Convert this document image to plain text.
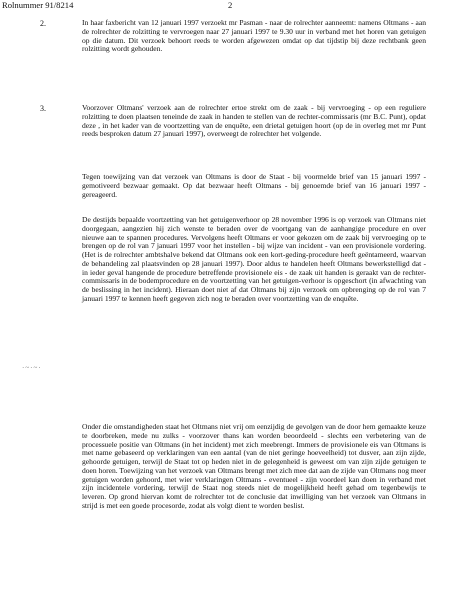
Rolnummer 91/8214	2
2.	In haar faxbericht van 12 januari 1997 verzoekt mr Pasman - naar de rolrechter aanneemt: namens Oltmans - aan de rolrechter de rolzitting te vervroegen naar 27 januari 1997 te 9.30 uur in verband met het horen van getuigen op die datum. Dit verzoek behoort reeds te worden afgewezen omdat op dat tijdstip bij deze rechtbank geen rolzitting wordt gehouden.

3.	Voorzover Oltmans' verzoek aan de rolrechter ertoe strekt om de zaak - bij vervroeging - op een reguliere rolzitting te doen plaatsen teneinde de zaak in handen te stellen van de rechter-commissaris (mr B.C. Punt), opdat deze , in het kader van de voortzetting van de enquête, een drietal getuigen hoort (op de in overleg met mr Punt reeds besproken datum 27 januari 1997), overweegt de rolrechter het volgende.

Tegen toewijzing van dat verzoek van Oltmans is door de Staat - bij voormelde brief van 15 januari 1997 - gemotiveerd bezwaar gemaakt. Op dat bezwaar heeft Oltmans - bij genoemde brief van 16 januari 1997 - gereageerd.

De destijds bepaalde voortzetting van het getuigenverhoor op 28 november 1996 is op verzoek van Oltmans niet doorgegaan, aangezien hij zich wenste te beraden over de voortgang van de aanhangige procedure en over nieuwe aan te spannen procedures. Vervolgens heeft Oltmans er voor gekozen om de zaak bij vervroeging op te brengen op de rol van 7 januari 1997 voor het instellen - bij wijze van incident - van een provisionele vordering. (Het is de rolrechter ambtshalve bekend dat Oltmans ook een kort-geding-procedure heeft geëntameerd, waarvan de behandeling zal plaatsvinden op 28 januari 1997). Door aldus te handelen heeft Oltmans bewerkstelligd dat - in ieder geval hangende de procedure betreffende provisionele eis - de zaak uit handen is geraakt van de rechter-commissaris in de bodemprocedure en de voortzetting van het getuigen-verhoor is opgeschort (in afwachting van de beslissing in het incident). Hieraan doet niet af dat Oltmans bij zijn verzoek om opbrenging op de rol van 7 januari 1997 te kennen heeft gegeven zich nog te beraden over voortzetting van de enquête.

Onder die omstandigheden staat het Oltmans niet vrij om eenzijdig de gevolgen van de door hem gemaakte keuze te doorbreken, mede nu zulks - voorzover thans kan worden beoordeeld - slechts een verbetering van de processuele positie van Oltmans (in het incident) met zich meebrengt. Immers de provisionele eis van Oltmans is met name gebaseerd op verklaringen van een aantal (van de niet geringe hoeveelheid) tot dusver, aan zijn zijde, gehoorde getuigen, terwijl de Staat tot op heden niet in de gelegenheid is geweest om van zijn zijde getuigen te doen horen. Toewijzing van het verzoek van Oltmans brengt met zich mee dat aan de zijde van Oltmans nog meer getuigen worden gehoord, met wier verklaringen Oltmans - eventueel - zijn voordeel kan doen in verband met zijn incidentele vordering, terwijl de Staat nog steeds niet de mogelijkheid heeft gehad om tegenbewijs te leveren. Op grond hiervan komt de rolrechter tot de conclusie dat inwilliging van het verzoek van Oltmans in strijd is met een goede procesorde, zodat als volgt dient te worden beslist.

·~·~·
